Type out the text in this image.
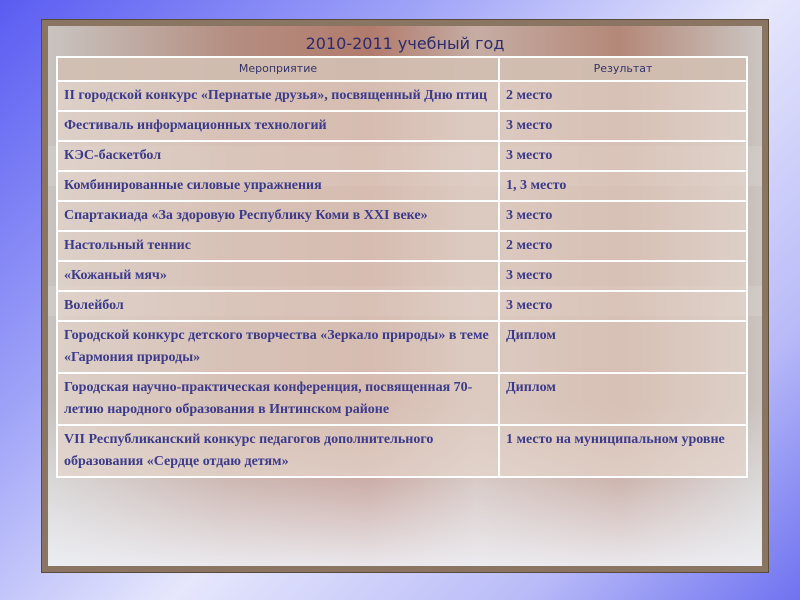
2010-2011 учебный год
Мероприятие	Результат
II городской конкурс «Пернатые друзья», посвященный Дню птиц	2 место
Фестиваль информационных технологий	3 место
КЭС-баскетбол	3 место
Комбинированные силовые упражнения	1, 3 место
Спартакиада «За здоровую Республику Коми в XXI веке»	3 место
Настольный теннис	2 место
«Кожаный мяч»	3 место
Волейбол	3 место
Городской конкурс детского творчества «Зеркало природы» в теме «Гармония природы»	Диплом
Городская научно-практическая конференция, посвященная 70-летию народного образования в Интинском районе	Диплом
VII Республиканский конкурс педагогов дополнительного образования «Сердце отдаю детям»	1 место на муниципальном уровне
